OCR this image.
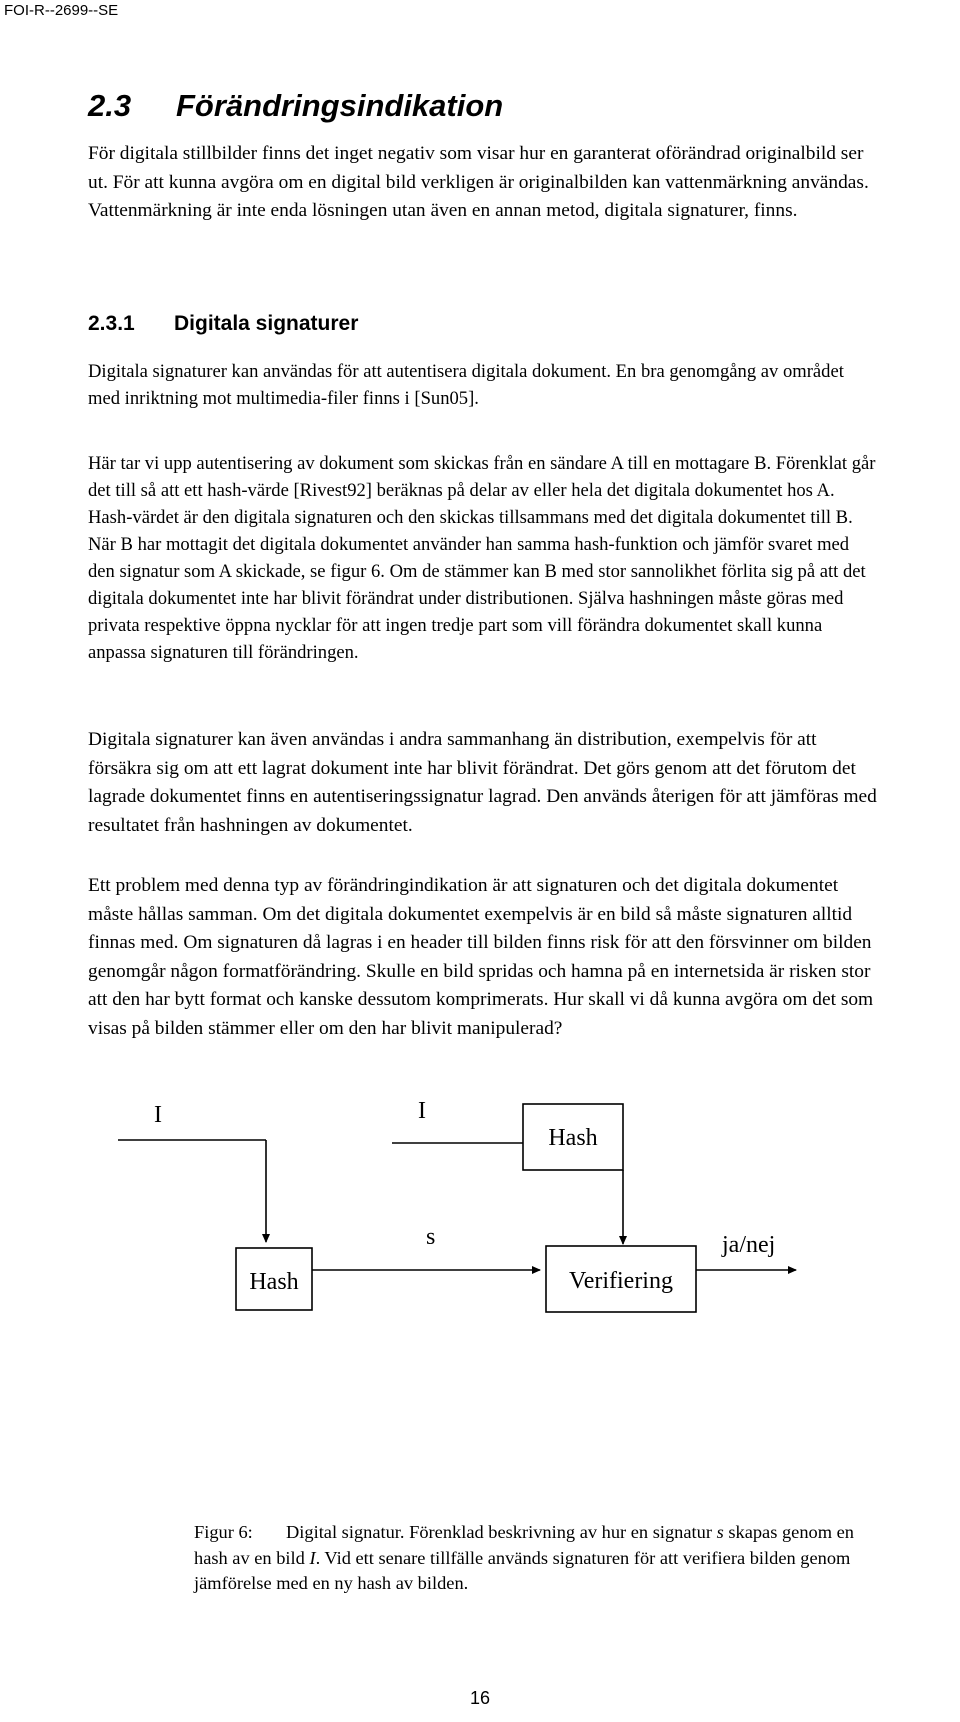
FOI-R--2699--SE
2.3 Förändringsindikation

För digitala stillbilder finns det inget negativ som visar hur en garanterat oförändrad originalbild ser ut. För att kunna avgöra om en digital bild verkligen är originalbilden kan vattenmärkning användas. Vattenmärkning är inte enda lösningen utan även en annan metod, digitala signaturer, finns.

2.3.1 Digitala signaturer

Digitala signaturer kan användas för att autentisera digitala dokument. En bra genomgång av området med inriktning mot multimedia-filer finns i [Sun05].

Här tar vi upp autentisering av dokument som skickas från en sändare A till en mottagare B. Förenklat går det till så att ett hash-värde [Rivest92] beräknas på delar av eller hela det digitala dokumentet hos A. Hash-värdet är den digitala signaturen och den skickas tillsammans med det digitala dokumentet till B. När B har mottagit det digitala dokumentet använder han samma hash-funktion och jämför svaret med den signatur som A skickade, se figur 6. Om de stämmer kan B med stor sannolikhet förlita sig på att det digitala dokumentet inte har blivit förändrat under distributionen. Själva hashningen måste göras med privata respektive öppna nycklar för att ingen tredje part som vill förändra dokumentet skall kunna anpassa signaturen till förändringen.

Digitala signaturer kan även användas i andra sammanhang än distribution, exempelvis för att försäkra sig om att ett lagrat dokument inte har blivit förändrat. Det görs genom att det förutom det lagrade dokumentet finns en autentiseringssignatur lagrad. Den används återigen för att jämföras med resultatet från hashningen av dokumentet.

Ett problem med denna typ av förändringindikation är att signaturen och det digitala dokumentet måste hållas samman. Om det digitala dokumentet exempelvis är en bild så måste signaturen alltid finnas med. Om signaturen då lagras i en header till bilden finns risk för att den försvinner om bilden genomgår någon formatförändring. Skulle en bild spridas och hamna på en internetsida är risken stor att den har bytt format och kanske dessutom komprimerats. Hur skall vi då kunna avgöra om det som visas på bilden stämmer eller om den har blivit manipulerad?

I	I
Hash
Hash
s
Verifiering
ja/nej

Figur 6: Digital signatur. Förenklad beskrivning av hur en signatur s skapas genom en hash av en bild I. Vid ett senare tillfälle används signaturen för att verifiera bilden genom jämförelse med en ny hash av bilden.

16
